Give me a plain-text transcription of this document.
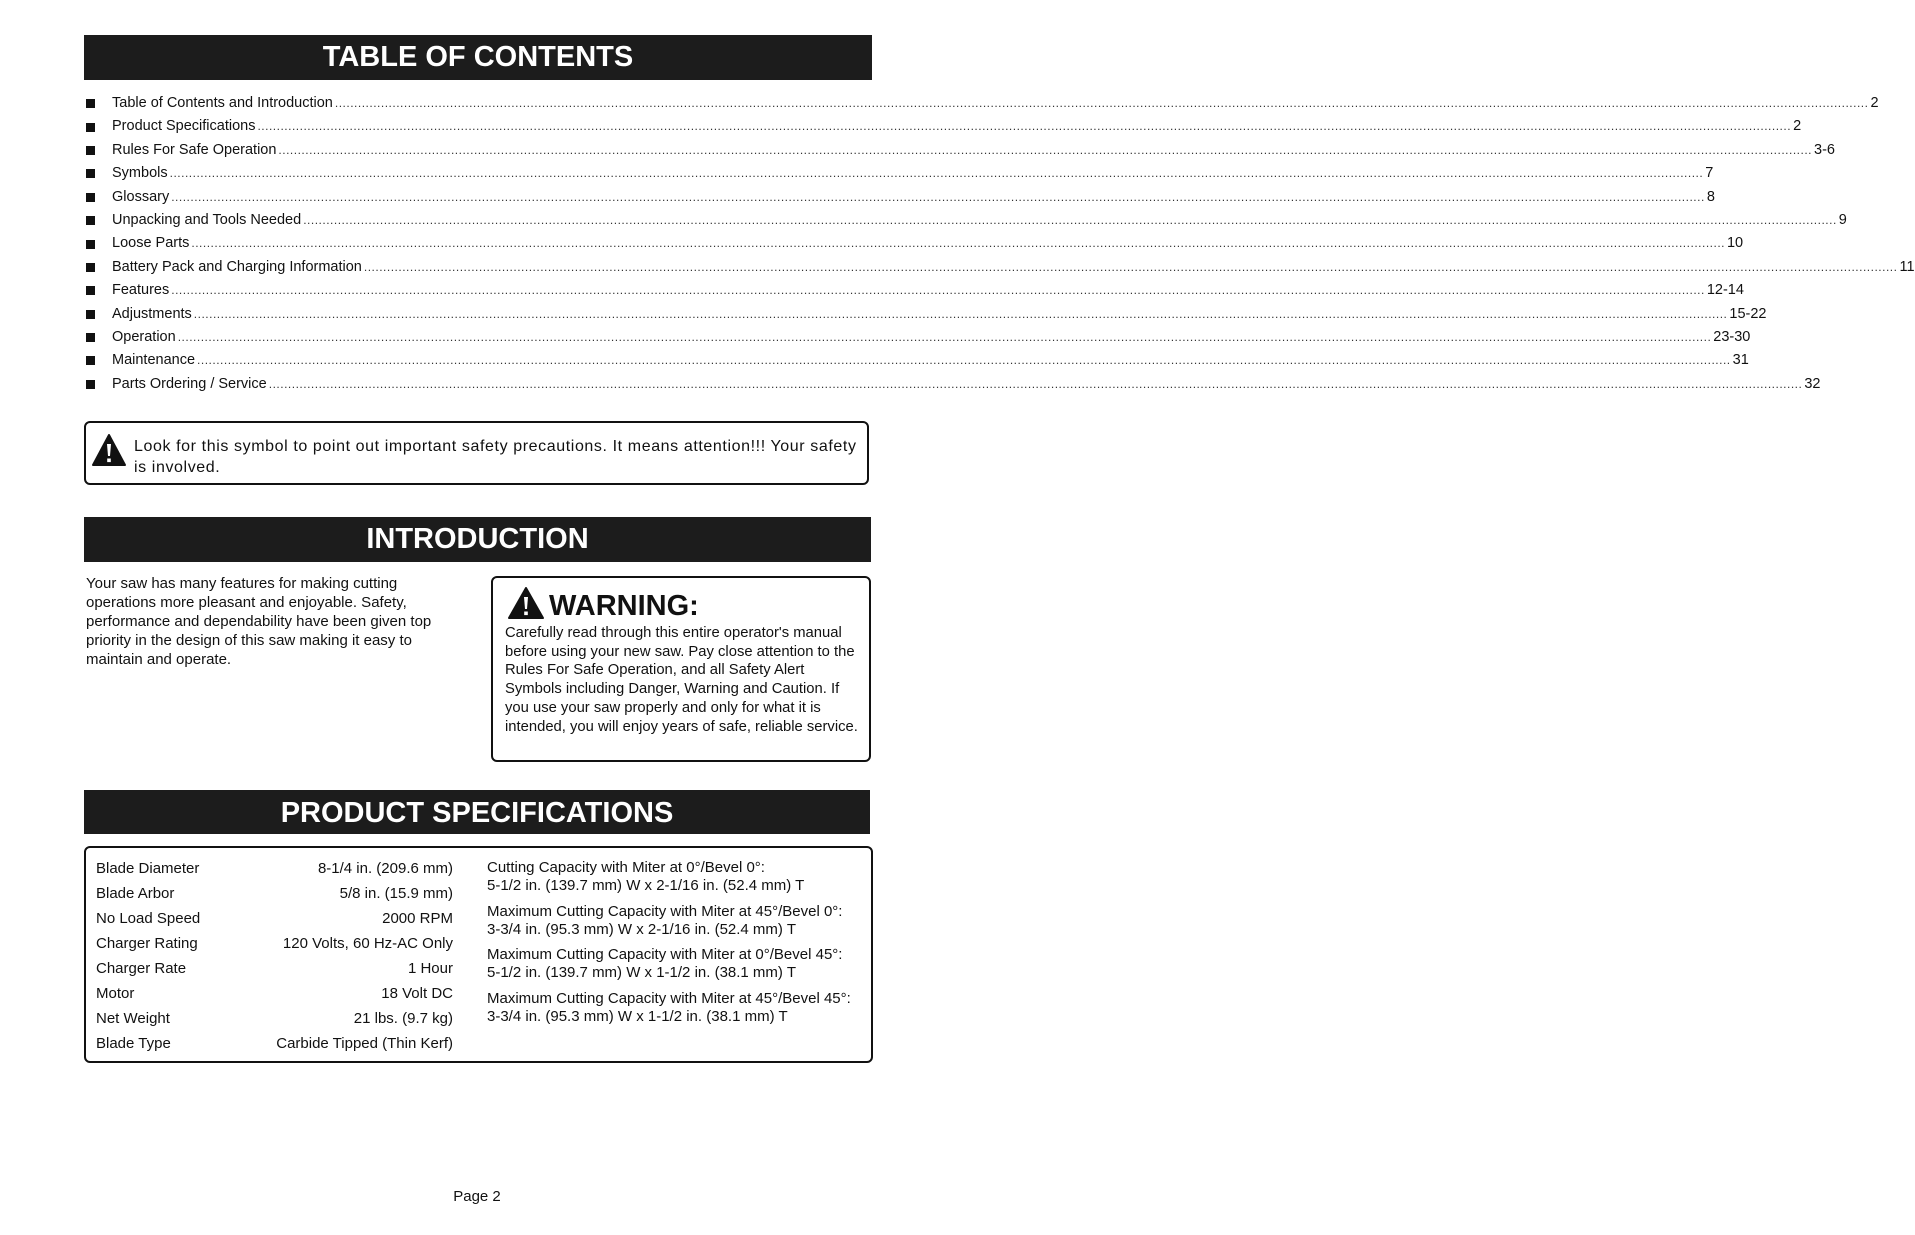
TABLE OF CONTENTS
Table of Contents and Introduction ................................................................................................................................................................................................................................................................................................................................................................................................................ 2
Product Specifications ................................................................................................................................................................................................................................................................................................................................................................................................................ 2
Rules For Safe Operation ................................................................................................................................................................................................................................................................................................................................................................................................................ 3-6
Symbols ................................................................................................................................................................................................................................................................................................................................................................................................................ 7
Glossary ................................................................................................................................................................................................................................................................................................................................................................................................................ 8
Unpacking and Tools Needed ................................................................................................................................................................................................................................................................................................................................................................................................................ 9
Loose Parts ................................................................................................................................................................................................................................................................................................................................................................................................................ 10
Battery Pack and Charging Information ................................................................................................................................................................................................................................................................................................................................................................................................................ 11
Features ................................................................................................................................................................................................................................................................................................................................................................................................................ 12-14
Adjustments ................................................................................................................................................................................................................................................................................................................................................................................................................ 15-22
Operation ................................................................................................................................................................................................................................................................................................................................................................................................................ 23-30
Maintenance ................................................................................................................................................................................................................................................................................................................................................................................................................ 31
Parts Ordering / Service ................................................................................................................................................................................................................................................................................................................................................................................................................ 32
Look for this symbol to point out important safety precautions. It means attention!!! Your safety is involved.
INTRODUCTION
Your saw has many features for making cutting operations more pleasant and enjoyable. Safety, performance and dependability have been given top priority in the design of this saw making it easy to maintain and operate.
WARNING:
Carefully read through this entire operator's manual before using your new saw. Pay close attention to the Rules For Safe Operation, and all Safety Alert Symbols including Danger, Warning and Caution. If you use your saw properly and only for what it is intended, you will enjoy years of safe, reliable service.
PRODUCT SPECIFICATIONS
Blade Diameter	8-1/4 in. (209.6 mm)
Blade Arbor	5/8 in. (15.9 mm)
No Load Speed	2000 RPM
Charger Rating	120 Volts, 60 Hz-AC Only
Charger Rate	1 Hour
Motor	18 Volt DC
Net Weight	21 lbs. (9.7 kg)
Blade Type	Carbide Tipped (Thin Kerf)
Cutting Capacity with Miter at 0°/Bevel 0°:
5-1/2 in. (139.7 mm) W x 2-1/16 in. (52.4 mm) T
Maximum Cutting Capacity with Miter at 45°/Bevel 0°:
3-3/4 in. (95.3 mm) W x 2-1/16 in. (52.4 mm) T
Maximum Cutting Capacity with Miter at 0°/Bevel 45°:
5-1/2 in. (139.7 mm) W x 1-1/2 in. (38.1 mm) T
Maximum Cutting Capacity with Miter at 45°/Bevel 45°:
3-3/4 in. (95.3 mm) W x 1-1/2 in. (38.1 mm) T
Page 2
